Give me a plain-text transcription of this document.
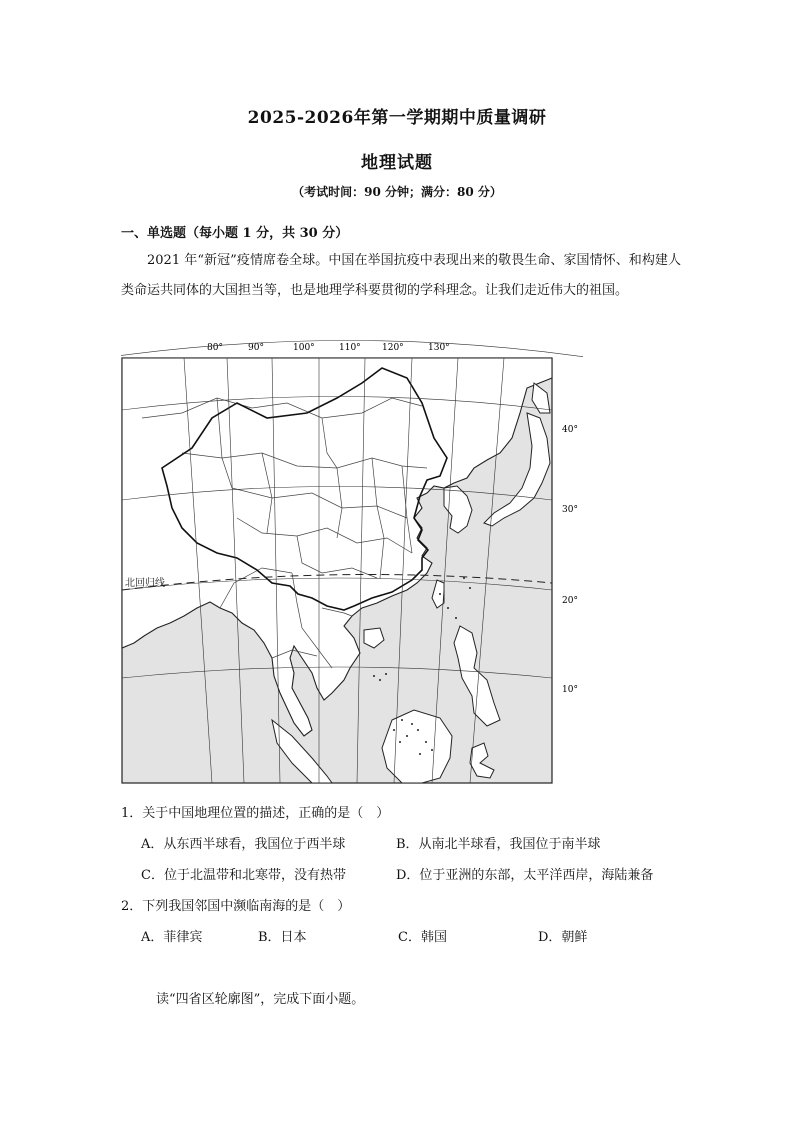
2025-2026年第一学期期中质量调研
地理试题
（考试时间：90 分钟；满分：80 分）
一、单选题（每小题 1 分，共 30 分）
2021 年“新冠”疫情席卷全球。中国在举国抗疫中表现出来的敬畏生命、家国情怀、和构建人类命运共同体的大国担当等，也是地理学科要贯彻的学科理念。让我们走近伟大的祖国。
80°	90°	100°	110° 120°	130°
40°
30°
20°
10°
北回归线
1．关于中国地理位置的描述，正确的是（　）
A．从东西半球看，我国位于西半球	B．从南北半球看，我国位于南半球
C．位于北温带和北寒带，没有热带	D．位于亚洲的东部，太平洋西岸，海陆兼备
2．下列我国邻国中濒临南海的是（　）
A．菲律宾	B．日本	C．韩国	D．朝鲜
读“四省区轮廓图”，完成下面小题。
